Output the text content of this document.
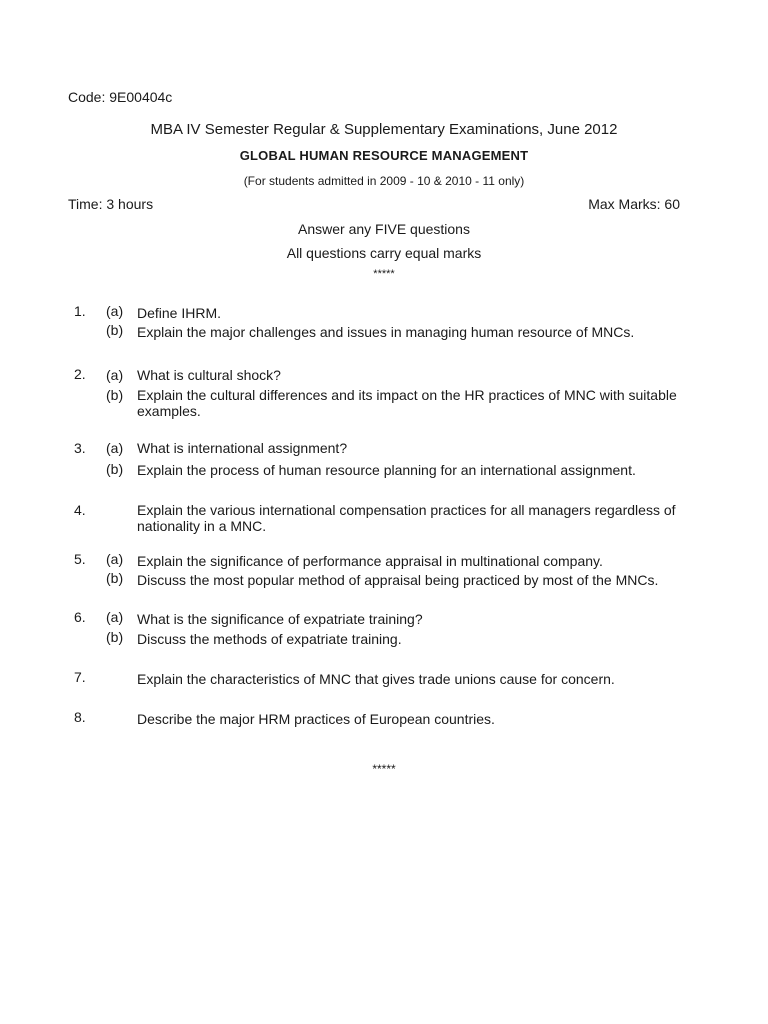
Code: 9E00404c
MBA IV Semester Regular & Supplementary Examinations, June 2012
GLOBAL HUMAN RESOURCE MANAGEMENT
(For students admitted in 2009 - 10 & 2010 - 11 only)
Time: 3 hours	Max Marks: 60
Answer any FIVE questions
All questions carry equal marks
*****
1. (a) Define IHRM.
(b) Explain the major challenges and issues in managing human resource of MNCs.
2. (a) What is cultural shock?
(b) Explain the cultural differences and its impact on the HR practices of MNC with suitable examples.
3. (a) What is international assignment?
(b) Explain the process of human resource planning for an international assignment.
4.	Explain the various international compensation practices for all managers regardless of nationality in a MNC.
5. (a) Explain the significance of performance appraisal in multinational company.
(b) Discuss the most popular method of appraisal being practiced by most of the MNCs.
6. (a) What is the significance of expatriate training?
(b) Discuss the methods of expatriate training.
7.	Explain the characteristics of MNC that gives trade unions cause for concern.
8.	Describe the major HRM practices of European countries.
*****
